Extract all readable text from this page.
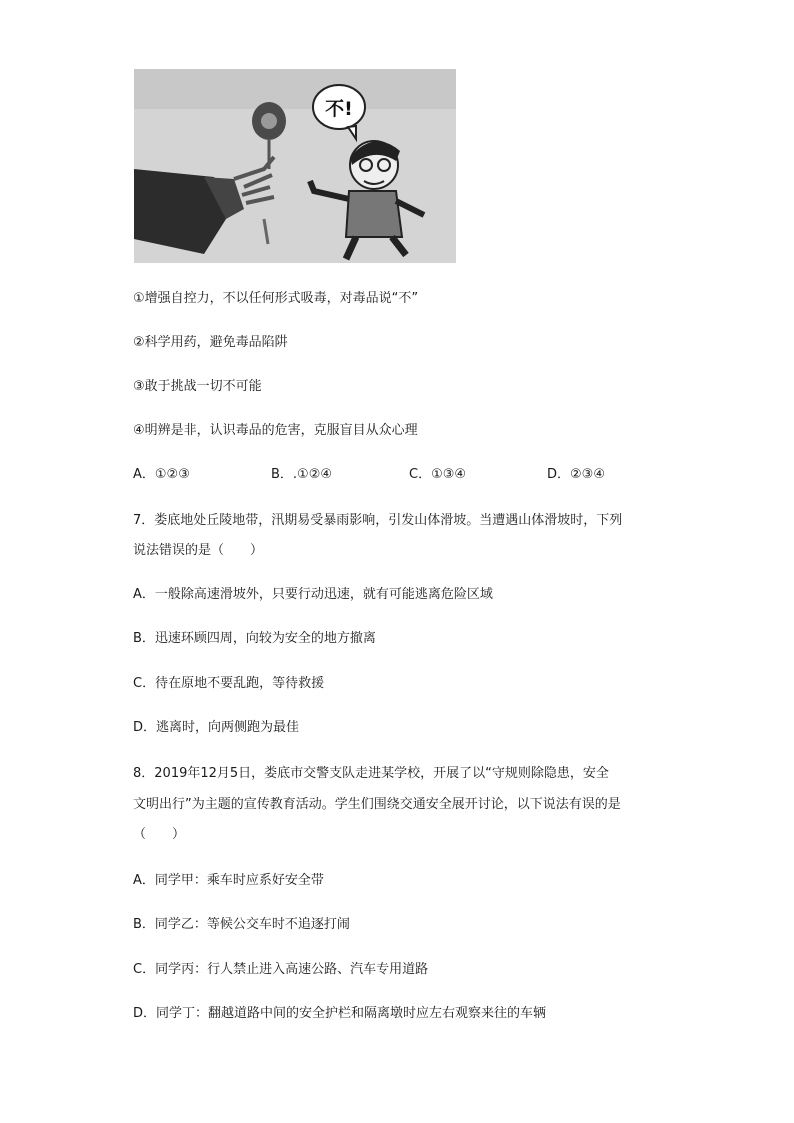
不!

①增强自控力，不以任何形式吸毒，对毒品说“不”

②科学用药，避免毒品陷阱

③敢于挑战一切不可能

④明辨是非，认识毒品的危害，克服盲目从众心理

A．①②③	B．.①②④	C．①③④	D．②③④

7．娄底地处丘陵地带，汛期易受暴雨影响，引发山体滑坡。当遭遇山体滑坡时，下列

说法错误的是（　　）

A．一般除高速滑坡外，只要行动迅速，就有可能逃离危险区域

B．迅速环顾四周，向较为安全的地方撤离

C．待在原地不要乱跑，等待救援

D．逃离时，向两侧跑为最佳

8．2019年12月5日，娄底市交警支队走进某学校，开展了以“守规则除隐患，安全

文明出行”为主题的宣传教育活动。学生们围绕交通安全展开讨论，以下说法有误的是

（　　）

A．同学甲：乘车时应系好安全带

B．同学乙：等候公交车时不追逐打闹

C．同学丙：行人禁止进入高速公路、汽车专用道路

D．同学丁：翻越道路中间的安全护栏和隔离墩时应左右观察来往的车辆
